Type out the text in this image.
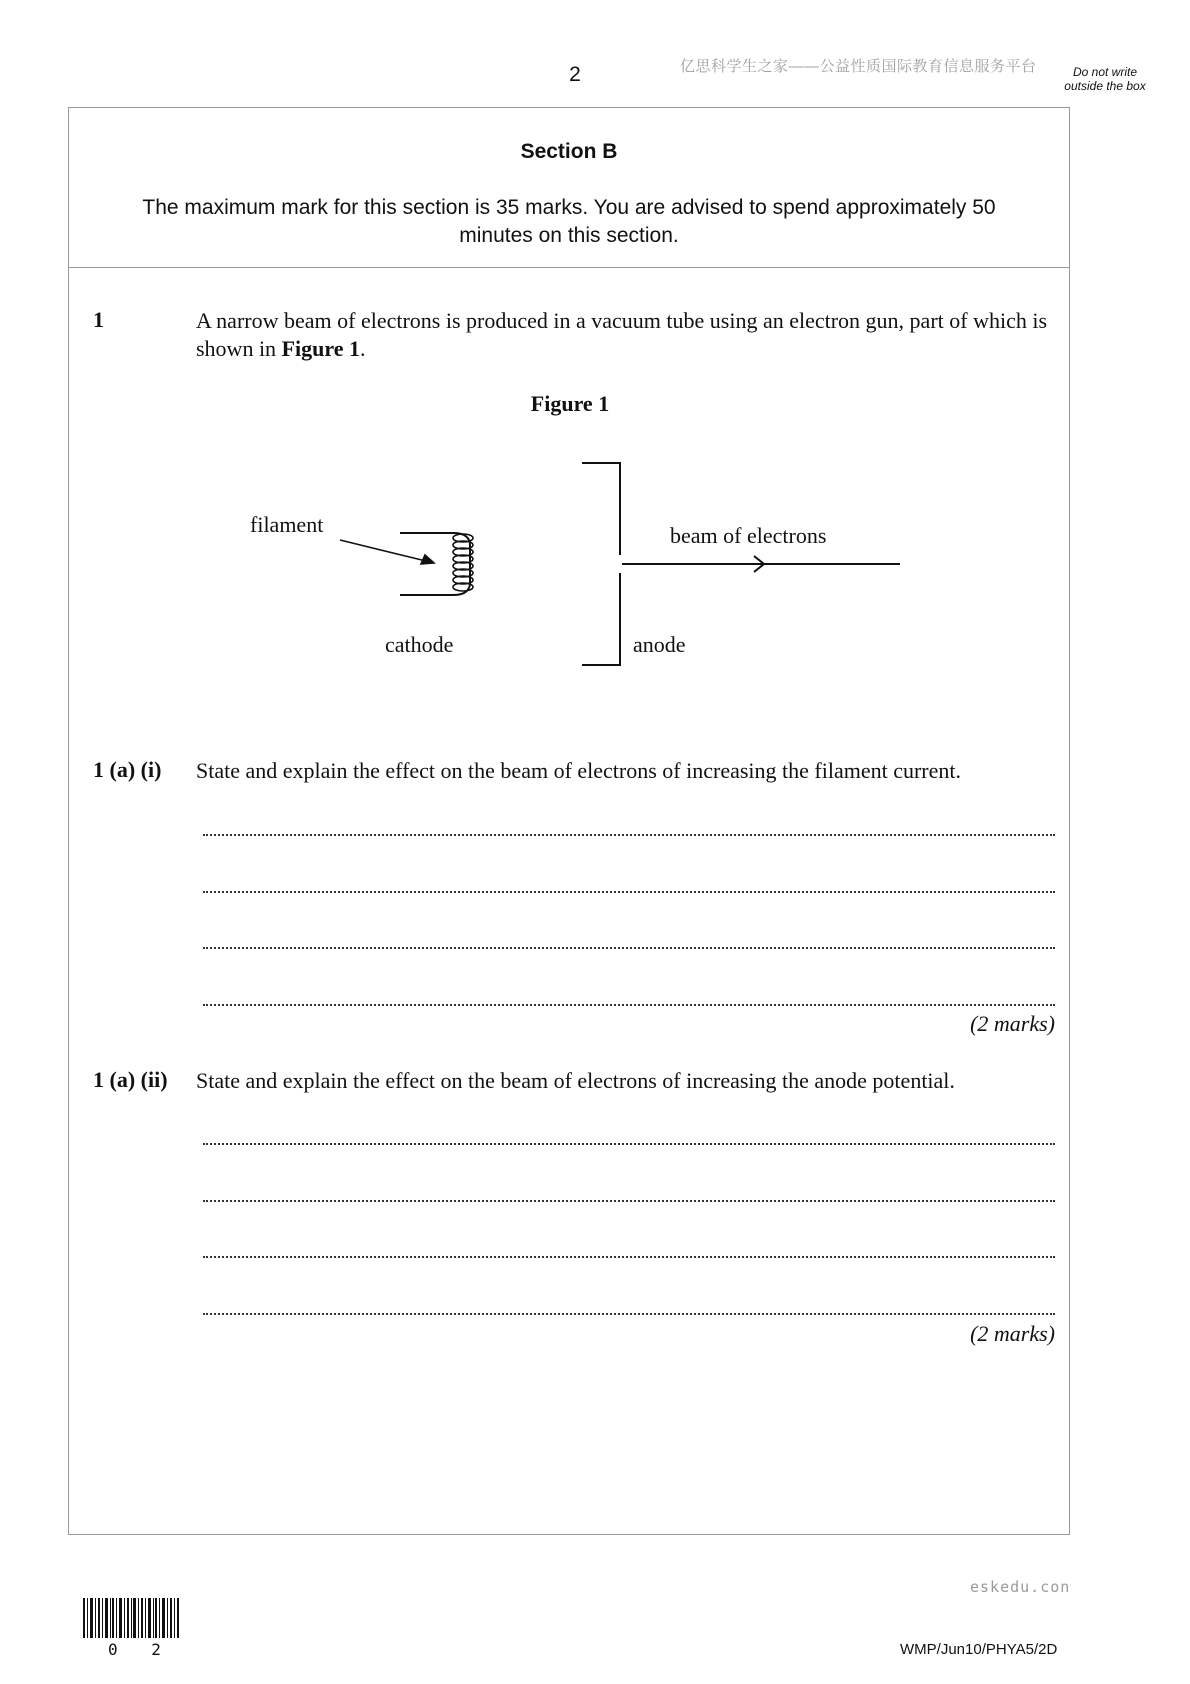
2	亿思科学生之家——公益性质国际教育信息服务平台	Do not write outside the box
Section B
The maximum mark for this section is 35 marks. You are advised to spend approximately 50 minutes on this section.
1	A narrow beam of electrons is produced in a vacuum tube using an electron gun, part of which is shown in Figure 1.
Figure 1
filament	beam of electrons
cathode	anode
1 (a) (i) State and explain the effect on the beam of electrons of increasing the filament current.
(2 marks)
1 (a) (ii) State and explain the effect on the beam of electrons of increasing the anode potential.
(2 marks)
eskedu.con
0 2	WMP/Jun10/PHYA5/2D
